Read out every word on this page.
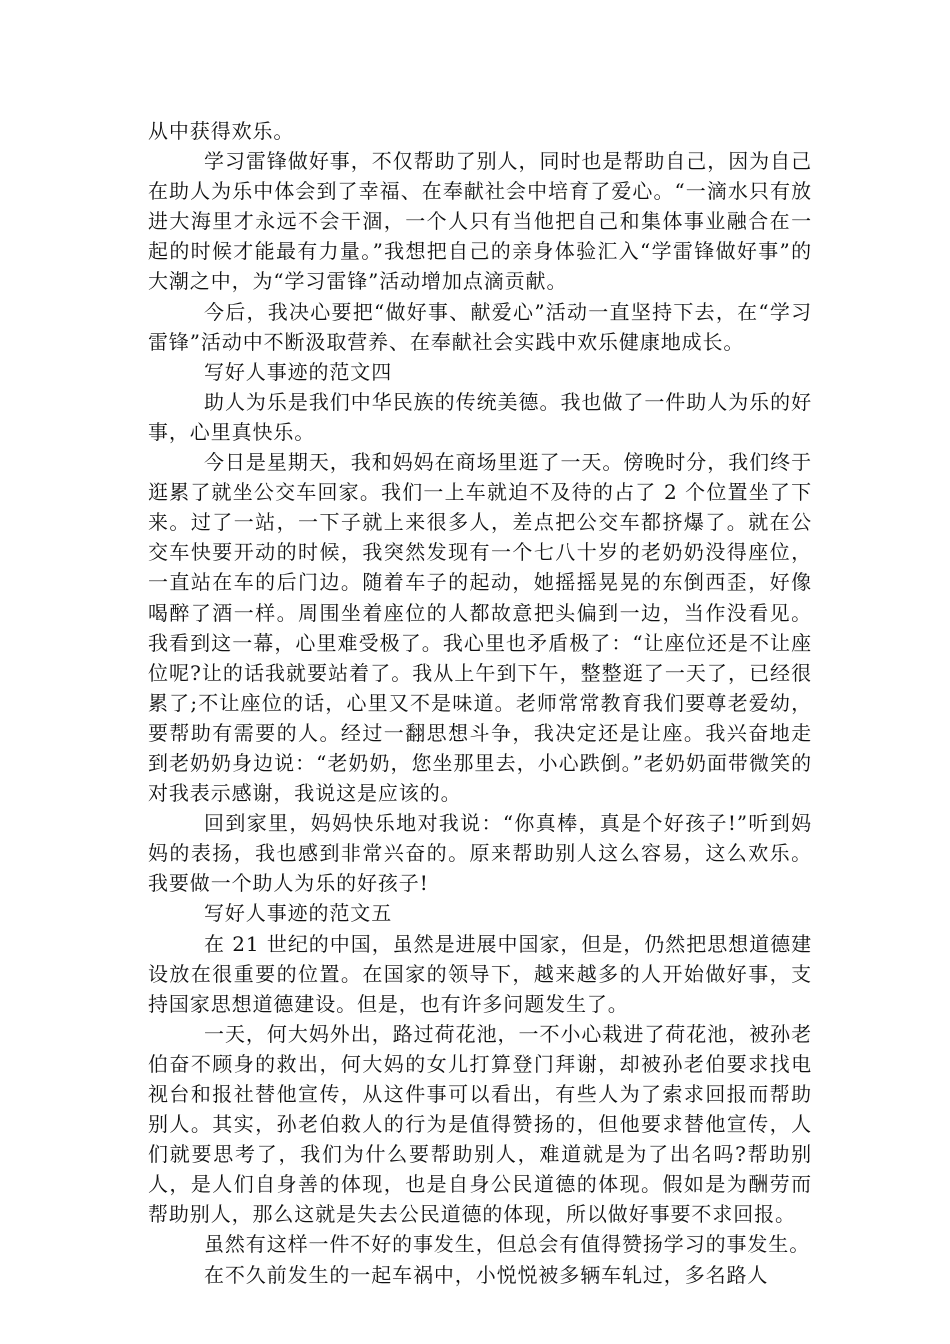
从中获得欢乐。

学习雷锋做好事，不仅帮助了别人，同时也是帮助自己，因为自己在助人为乐中体会到了幸福、在奉献社会中培育了爱心。“一滴水只有放进大海里才永远不会干涸，一个人只有当他把自己和集体事业融合在一起的时候才能最有力量。”我想把自己的亲身体验汇入“学雷锋做好事”的大潮之中，为“学习雷锋”活动增加点滴贡献。

今后，我决心要把“做好事、献爱心”活动一直坚持下去，在“学习雷锋”活动中不断汲取营养、在奉献社会实践中欢乐健康地成长。

写好人事迹的范文四

助人为乐是我们中华民族的传统美德。我也做了一件助人为乐的好事，心里真快乐。

今日是星期天，我和妈妈在商场里逛了一天。傍晚时分，我们终于逛累了就坐公交车回家。我们一上车就迫不及待的占了 2 个位置坐了下来。过了一站，一下子就上来很多人，差点把公交车都挤爆了。就在公交车快要开动的时候，我突然发现有一个七八十岁的老奶奶没得座位，一直站在车的后门边。随着车子的起动，她摇摇晃晃的东倒西歪，好像喝醉了酒一样。周围坐着座位的人都故意把头偏到一边，当作没看见。我看到这一幕，心里难受极了。我心里也矛盾极了：“让座位还是不让座位呢?让的话我就要站着了。我从上午到下午，整整逛了一天了，已经很累了;不让座位的话，心里又不是味道。老师常常教育我们要尊老爱幼，要帮助有需要的人。经过一翻思想斗争，我决定还是让座。我兴奋地走到老奶奶身边说：“老奶奶，您坐那里去，小心跌倒。”老奶奶面带微笑的对我表示感谢，我说这是应该的。

回到家里，妈妈快乐地对我说：“你真棒，真是个好孩子!”听到妈妈的表扬，我也感到非常兴奋的。原来帮助别人这么容易，这么欢乐。我要做一个助人为乐的好孩子!

写好人事迹的范文五

在 21 世纪的中国，虽然是进展中国家，但是，仍然把思想道德建设放在很重要的位置。在国家的领导下，越来越多的人开始做好事，支持国家思想道德建设。但是，也有许多问题发生了。

一天，何大妈外出，路过荷花池，一不小心栽进了荷花池，被孙老伯奋不顾身的救出，何大妈的女儿打算登门拜谢，却被孙老伯要求找电视台和报社替他宣传，从这件事可以看出，有些人为了索求回报而帮助别人。其实，孙老伯救人的行为是值得赞扬的，但他要求替他宣传，人们就要思考了，我们为什么要帮助别人，难道就是为了出名吗?帮助别人，是人们自身善的体现，也是自身公民道德的体现。假如是为酬劳而帮助别人，那么这就是失去公民道德的体现，所以做好事要不求回报。

虽然有这样一件不好的事发生，但总会有值得赞扬学习的事发生。

在不久前发生的一起车祸中，小悦悦被多辆车轧过，多名路人
